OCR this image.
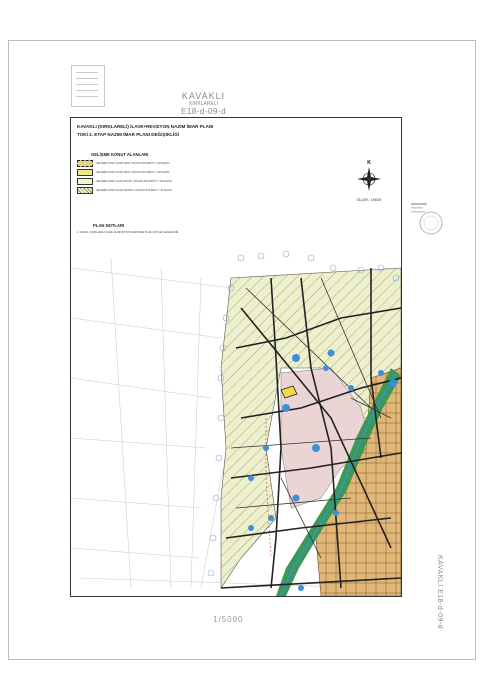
KAVAKLI
KIRKLARELİ
E18-d-09-d
KAVAKLI (KIRKLARELİ) İLAVE+REVİZYON NAZIM İMAR PLANI
TOKİ 2. ETAP NAZIM İMAR PLANI DEĞİŞİKLİĞİ
GELİŞME KONUT ALANLARI
GELİŞME KONUT ALANI ORTA YOĞUNLUKTA BRÜT Y: 200 Kişi/Ha
GELİŞME KONUT ALANI ORTA YOĞUNLUKTA BRÜT Y: 200 Kişi/Ha
GELİŞME KONUT ALANI DÜŞÜK YOĞUNLUKTA BRÜT Y: 100 Kişi/Ha
GELİŞME KONUT ALANI SEYREK YOĞUNLUKTA BRÜT Y: 50 Kişi/Ha
PLAN NOTLARI
1- KAVAKLI (KIRKLARELİ) İLAVE VE REVİZYON NAZIM İMAR PLANI NOTLARI GEÇERLİDİR.
K
ÖLÇEK: 1/5000
1/5000	KAVAKLI E18-d-09-d
